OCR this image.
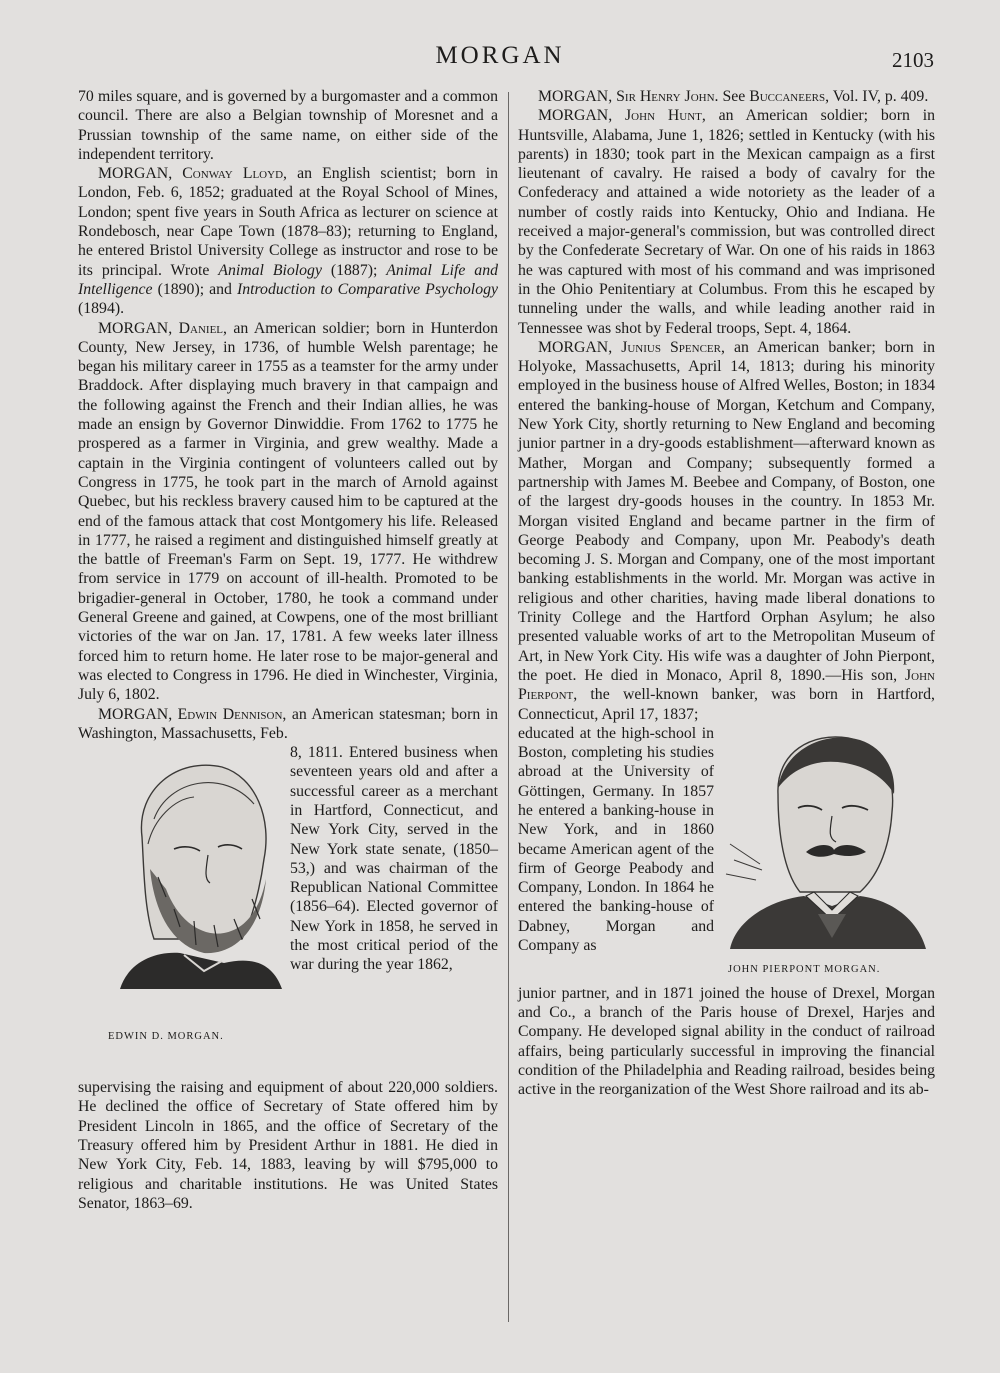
MORGAN	2103

70 miles square, and is governed by a burgomaster and a common council. There are also a Belgian township of Moresnet and a Prussian township of the same name, on either side of the independent territory.

MORGAN, Conway Lloyd, an English scientist; born in London, Feb. 6, 1852; graduated at the Royal School of Mines, London; spent five years in South Africa as lecturer on science at Rondebosch, near Cape Town (1878–83); returning to England, he entered Bristol University College as instructor and rose to be its principal. Wrote Animal Biology (1887); Animal Life and Intelligence (1890); and Introduction to Comparative Psychology (1894).

MORGAN, Daniel, an American soldier; born in Hunterdon County, New Jersey, in 1736, of humble Welsh parentage; he began his military career in 1755 as a teamster for the army under Braddock. After displaying much bravery in that campaign and the following against the French and their Indian allies, he was made an ensign by Governor Dinwiddie. From 1762 to 1775 he prospered as a farmer in Virginia, and grew wealthy. Made a captain in the Virginia contingent of volunteers called out by Congress in 1775, he took part in the march of Arnold against Quebec, but his reckless bravery caused him to be captured at the end of the famous attack that cost Montgomery his life. Released in 1777, he raised a regiment and distinguished himself greatly at the battle of Freeman's Farm on Sept. 19, 1777. He withdrew from service in 1779 on account of ill-health. Promoted to be brigadier-general in October, 1780, he took a command under General Greene and gained, at Cowpens, one of the most brilliant victories of the war on Jan. 17, 1781. A few weeks later illness forced him to return home. He later rose to be major-general and was elected to Congress in 1796. He died in Winchester, Virginia, July 6, 1802.

MORGAN, Edwin Dennison, an American statesman; born in Washington, Massachusetts, Feb.

EDWIN D. MORGAN.

8, 1811. Entered business when seventeen years old and after a successful career as a merchant in Hartford, Connecticut, and New York City, served in the New York state senate, (1850–53,) and was chairman of the Republican National Committee (1856–64). Elected governor of New York in 1858, he served in the most critical period of the war during the year 1862,

supervising the raising and equipment of about 220,000 soldiers. He declined the office of Secretary of State offered him by President Lincoln in 1865, and the office of Secretary of the Treasury offered him by President Arthur in 1881. He died in New York City, Feb. 14, 1883, leaving by will $795,000 to religious and charitable institutions. He was United States Senator, 1863–69.

MORGAN, Sir Henry John. See Buccaneers, Vol. IV, p. 409.

MORGAN, John Hunt, an American soldier; born in Huntsville, Alabama, June 1, 1826; settled in Kentucky (with his parents) in 1830; took part in the Mexican campaign as a first lieutenant of cavalry. He raised a body of cavalry for the Confederacy and attained a wide notoriety as the leader of a number of costly raids into Kentucky, Ohio and Indiana. He received a major-general's commission, but was controlled direct by the Confederate Secretary of War. On one of his raids in 1863 he was captured with most of his command and was imprisoned in the Ohio Penitentiary at Columbus. From this he escaped by tunneling under the walls, and while leading another raid in Tennessee was shot by Federal troops, Sept. 4, 1864.

MORGAN, Junius Spencer, an American banker; born in Holyoke, Massachusetts, April 14, 1813; during his minority employed in the business house of Alfred Welles, Boston; in 1834 entered the banking-house of Morgan, Ketchum and Company, New York City, shortly returning to New England and becoming junior partner in a dry-goods establishment—afterward known as Mather, Morgan and Company; subsequently formed a partnership with James M. Beebee and Company, of Boston, one of the largest dry-goods houses in the country. In 1853 Mr. Morgan visited England and became partner in the firm of George Peabody and Company, upon Mr. Peabody's death becoming J. S. Morgan and Company, one of the most important banking establishments in the world. Mr. Morgan was active in religious and other charities, having made liberal donations to Trinity College and the Hartford Orphan Asylum; he also presented valuable works of art to the Metropolitan Museum of Art, in New York City. His wife was a daughter of John Pierpont, the poet. He died in Monaco, April 8, 1890.—His son, John Pierpont, the well-known banker, was born in Hartford, Connecticut, April 17, 1837;

educated at the high-school in Boston, completing his studies abroad at the University of Göttingen, Germany. In 1857 he entered a banking-house in New York, and in 1860 became American agent of the firm of George Peabody and Company, London. In 1864 he entered the banking-house of Dabney, Morgan and Company as

JOHN PIERPONT MORGAN.

junior partner, and in 1871 joined the house of Drexel, Morgan and Co., a branch of the Paris house of Drexel, Harjes and Company. He developed signal ability in the conduct of railroad affairs, being particularly successful in improving the financial condition of the Philadelphia and Reading railroad, besides being active in the reorganization of the West Shore railroad and its ab-
